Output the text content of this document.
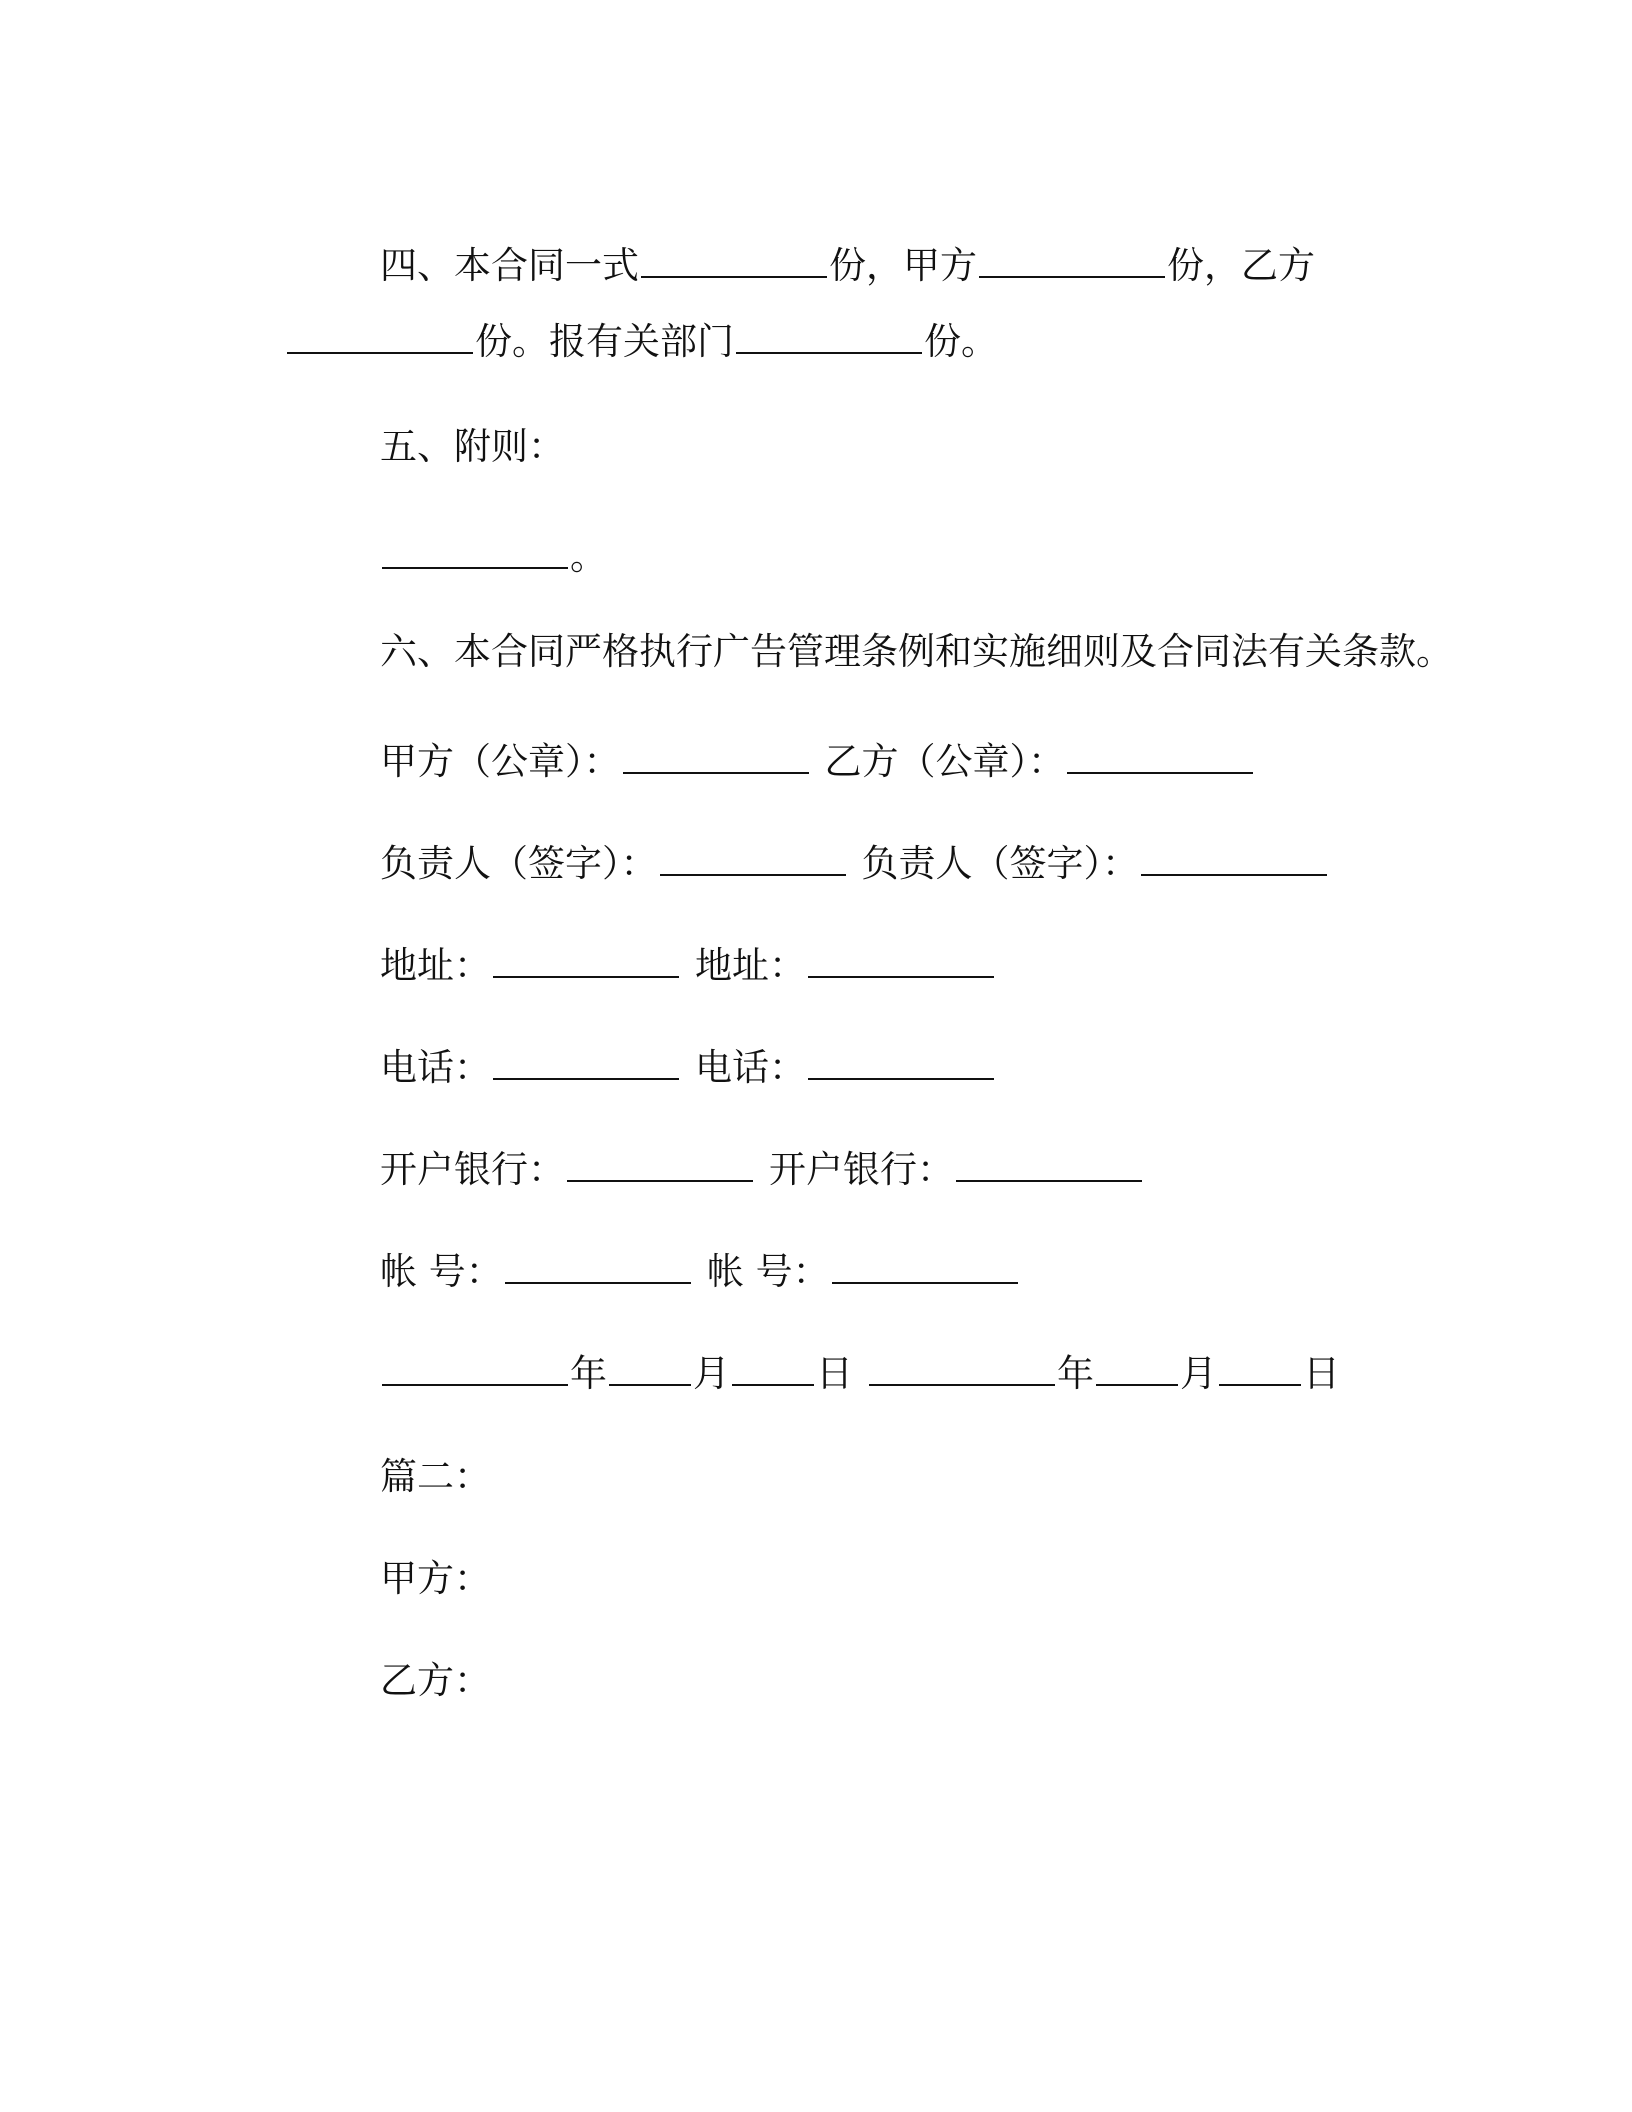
四、本合同一式	份，甲方	份，乙方

份。报有关部门	份。

五、附则：

。

六、本合同严格执行广告管理条例和实施细则及合同法有关条款。

甲方（公章）：	乙方（公章）：

负责人（签字）：	负责人（签字）：

地址：	地址：

电话：	电话：

开户银行：	开户银行：

帐 号：	帐 号：

年 月 日	年 月 日

篇二：

甲方：

乙方：
